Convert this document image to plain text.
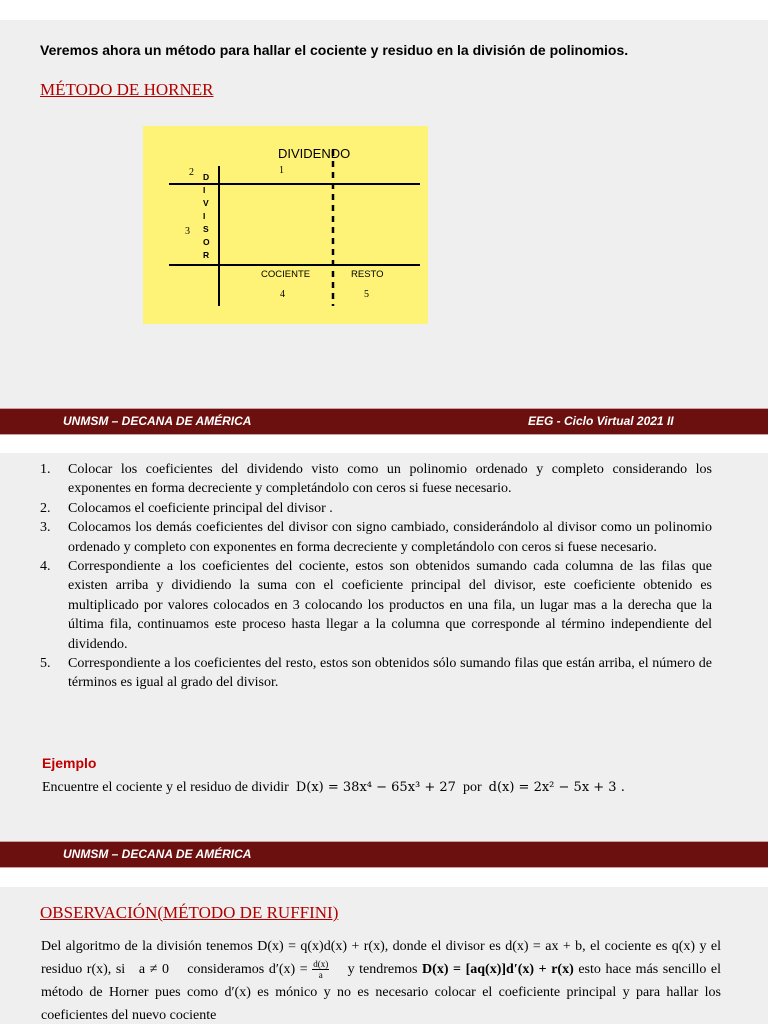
Veremos ahora un método para hallar el cociente y residuo en la división de polinomios.
MÉTODO DE HORNER
DIVIDENDO
1
2
3
D
I
V
I
S
O
R
COCIENTE
4
RESTO
5
UNMSM – DECANA DE AMÉRICA	EEG - Ciclo Virtual 2021 II
1. Colocar los coeficientes del dividendo visto como un polinomio ordenado y completo considerando los exponentes en forma decreciente y completándolo con ceros si fuese necesario.
2. Colocamos el coeficiente principal del divisor .
3. Colocamos los demás coeficientes del divisor con signo cambiado, considerándolo al divisor como un polinomio ordenado y completo con exponentes en forma decreciente y completándolo con ceros si fuese necesario.
4. Correspondiente a los coeficientes del cociente, estos son obtenidos sumando cada columna de las filas que existen arriba y dividiendo la suma con el coeficiente principal del divisor, este coeficiente obtenido es multiplicado por valores colocados en 3 colocando los productos en una fila, un lugar mas a la derecha que la última fila, continuamos este proceso hasta llegar a la columna que corresponde al término independiente del dividendo.
5. Correspondiente a los coeficientes del resto, estos son obtenidos sólo sumando filas que están arriba, el número de términos es igual al grado del divisor.
Ejemplo
Encuentre el cociente y el residuo de dividir D(x) = 38x⁴ − 65x³ + 27 por d(x) = 2x² − 5x + 3 .
UNMSM – DECANA DE AMÉRICA
OBSERVACIÓN(MÉTODO DE RUFFINI)
Del algoritmo de la división tenemos D(x) = q(x)d(x) + r(x), donde el divisor es d(x) = ax + b, el cociente es q(x) y el residuo r(x), si a ≠ 0 consideramos $d'(x) = \frac{d(x)}{a}$ y tendremos D(x) = [aq(x)]d′(x) + r(x) esto hace más sencillo el método de Horner pues como d′(x) es mónico y no es necesario colocar el coeficiente principal y para hallar los coeficientes del nuevo cociente
